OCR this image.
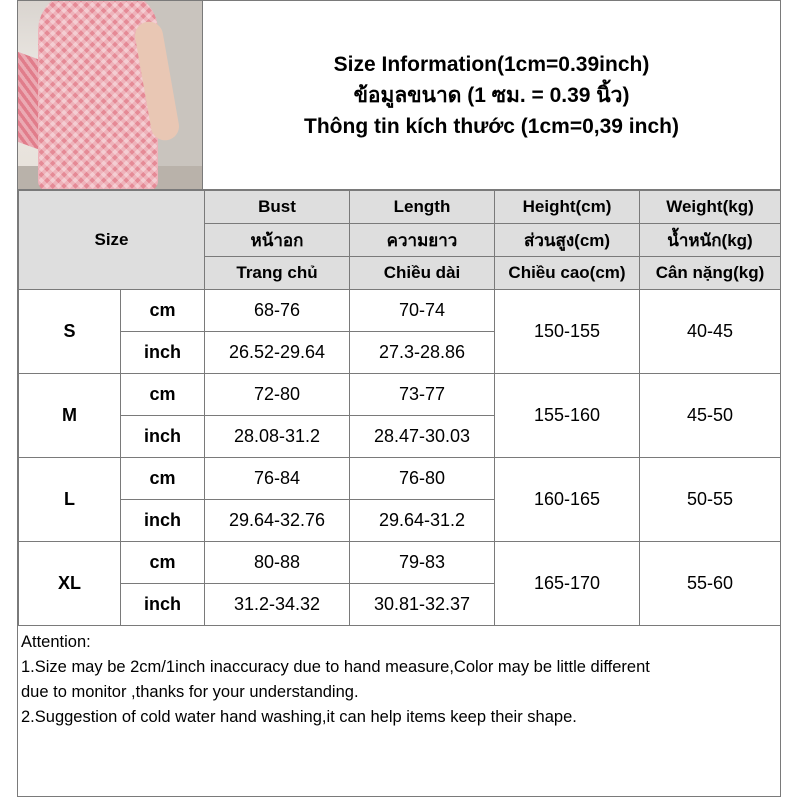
Size Information(1cm=0.39inch)
ข้อมูลขนาด (1 ซม. = 0.39 นิ้ว)
Thông tin kích thước (1cm=0,39 inch)
Size		Bust	Length	Height(cm)	Weight(kg)
		หน้าอก	ความยาว	ส่วนสูง(cm)	น้ำหนัก(kg)
		Trang chủ	Chiều dài	Chiều cao(cm)	Cân nặng(kg)
S	cm	68-76	70-74	150-155	40-45
	inch	26.52-29.64	27.3-28.86		
M	cm	72-80	73-77	155-160	45-50
	inch	28.08-31.2	28.47-30.03		
L	cm	76-84	76-80	160-165	50-55
	inch	29.64-32.76	29.64-31.2		
XL	cm	80-88	79-83	165-170	55-60
	inch	31.2-34.32	30.81-32.37		
Attention:
1.Size may be 2cm/1inch inaccuracy due to hand measure,Color may be little different
due to monitor ,thanks for your understanding.
2.Suggestion of cold water hand washing,it can help items keep their shape.
